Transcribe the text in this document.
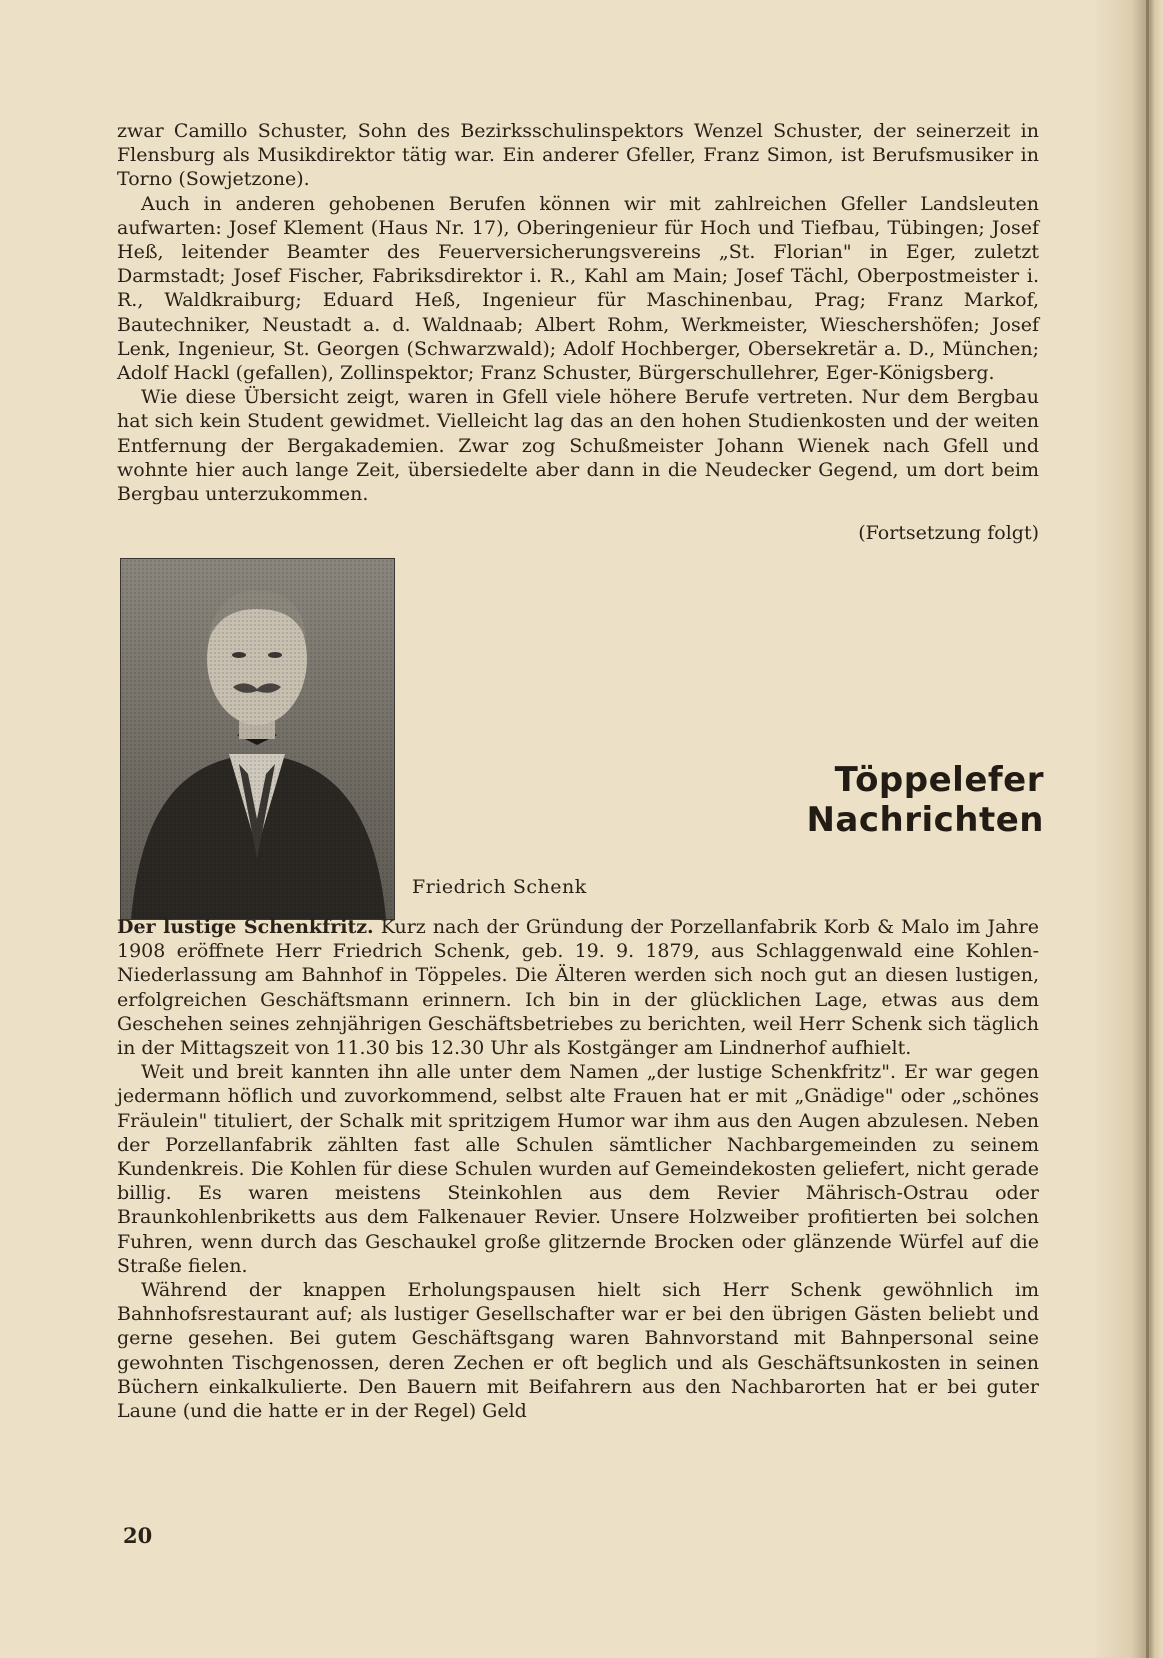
zwar Camillo Schuster, Sohn des Bezirksschulinspektors Wenzel Schuster, der seinerzeit in Flensburg als Musikdirektor tätig war. Ein anderer Gfeller, Franz Simon, ist Berufsmusiker in Torno (Sowjetzone).

Auch in anderen gehobenen Berufen können wir mit zahlreichen Gfeller Landsleuten aufwarten: Josef Klement (Haus Nr. 17), Oberingenieur für Hoch und Tiefbau, Tübingen; Josef Heß, leitender Beamter des Feuerversicherungsvereins „St. Florian" in Eger, zuletzt Darmstadt; Josef Fischer, Fabriksdirektor i. R., Kahl am Main; Josef Tächl, Oberpostmeister i. R., Waldkraiburg; Eduard Heß, Ingenieur für Maschinenbau, Prag; Franz Markof, Bautechniker, Neustadt a. d. Waldnaab; Albert Rohm, Werkmeister, Wieschershöfen; Josef Lenk, Ingenieur, St. Georgen (Schwarzwald); Adolf Hochberger, Obersekretär a. D., München; Adolf Hackl (gefallen), Zollinspektor; Franz Schuster, Bürgerschullehrer, Eger-Königsberg.

Wie diese Übersicht zeigt, waren in Gfell viele höhere Berufe vertreten. Nur dem Bergbau hat sich kein Student gewidmet. Vielleicht lag das an den hohen Studienkosten und der weiten Entfernung der Bergakademien. Zwar zog Schußmeister Johann Wienek nach Gfell und wohnte hier auch lange Zeit, übersiedelte aber dann in die Neudecker Gegend, um dort beim Bergbau unterzukommen.

(Fortsetzung folgt)
Töppelefer Nachrichten
Friedrich Schenk

Der lustige Schenkfritz. Kurz nach der Gründung der Porzellanfabrik Korb & Malo im Jahre 1908 eröffnete Herr Friedrich Schenk, geb. 19. 9. 1879, aus Schlaggenwald eine Kohlen-Niederlassung am Bahnhof in Töppeles. Die Älteren werden sich noch gut an diesen lustigen, erfolgreichen Geschäftsmann erinnern. Ich bin in der glücklichen Lage, etwas aus dem Geschehen seines zehnjährigen Geschäftsbetriebes zu berichten, weil Herr Schenk sich täglich in der Mittagszeit von 11.30 bis 12.30 Uhr als Kostgänger am Lindnerhof aufhielt.

Weit und breit kannten ihn alle unter dem Namen „der lustige Schenkfritz". Er war gegen jedermann höflich und zuvorkommend, selbst alte Frauen hat er mit „Gnädige" oder „schönes Fräulein" tituliert, der Schalk mit spritzigem Humor war ihm aus den Augen abzulesen. Neben der Porzellanfabrik zählten fast alle Schulen sämtlicher Nachbargemeinden zu seinem Kundenkreis. Die Kohlen für diese Schulen wurden auf Gemeindekosten geliefert, nicht gerade billig. Es waren meistens Steinkohlen aus dem Revier Mährisch-Ostrau oder Braunkohlenbriketts aus dem Falkenauer Revier. Unsere Holzweiber profitierten bei solchen Fuhren, wenn durch das Geschaukel große glitzernde Brocken oder glänzende Würfel auf die Straße fielen.

Während der knappen Erholungspausen hielt sich Herr Schenk gewöhnlich im Bahnhofsrestaurant auf; als lustiger Gesellschafter war er bei den übrigen Gästen beliebt und gerne gesehen. Bei gutem Geschäftsgang waren Bahnvorstand mit Bahnpersonal seine gewohnten Tischgenossen, deren Zechen er oft beglich und als Geschäftsunkosten in seinen Büchern einkalkulierte. Den Bauern mit Beifahrern aus den Nachbarorten hat er bei guter Laune (und die hatte er in der Regel) Geld

20
